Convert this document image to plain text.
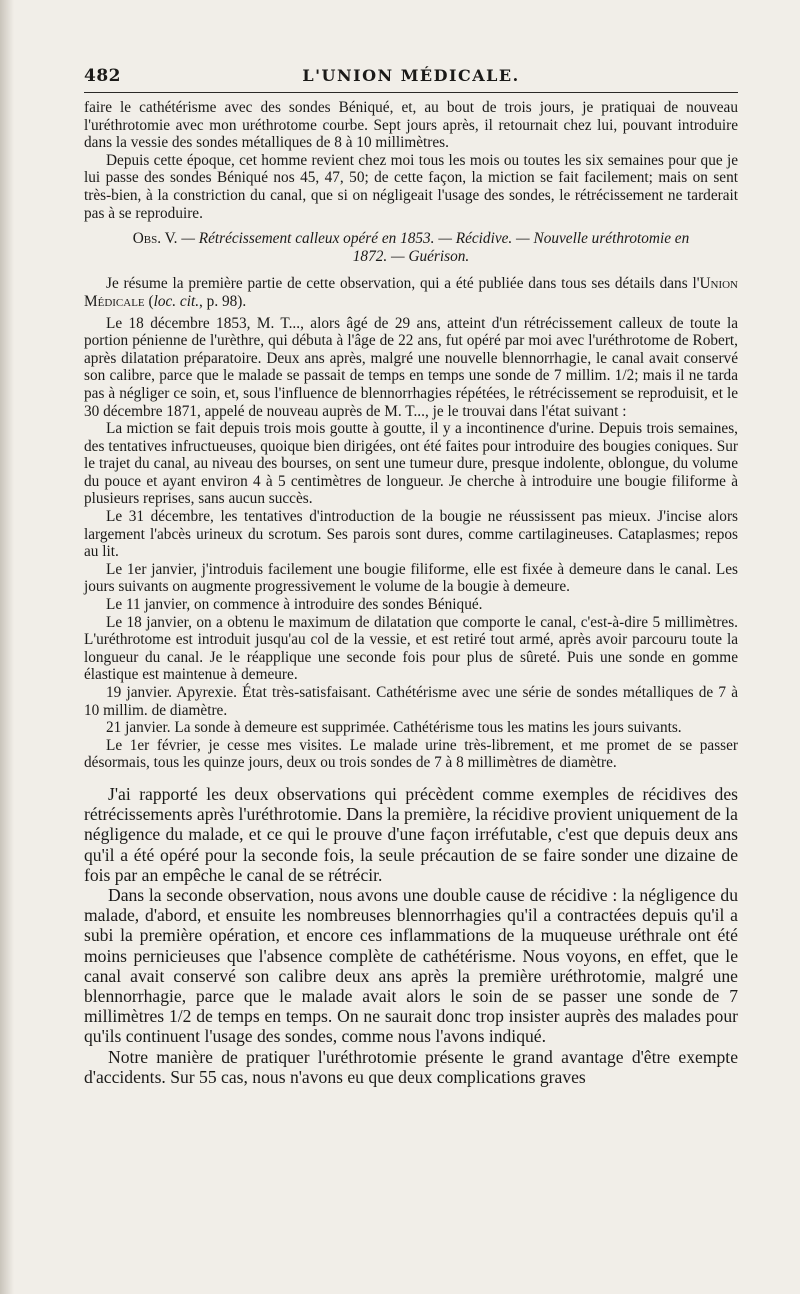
482	L'UNION MÉDICALE.

faire le cathétérisme avec des sondes Béniqué, et, au bout de trois jours, je pratiquai de nouveau l'uréthrotomie avec mon uréthrotome courbe. Sept jours après, il retournait chez lui, pouvant introduire dans la vessie des sondes métalliques de 8 à 10 millimètres.

Depuis cette époque, cet homme revient chez moi tous les mois ou toutes les six semaines pour que je lui passe des sondes Béniqué nos 45, 47, 50; de cette façon, la miction se fait facilement; mais on sent très-bien, à la constriction du canal, que si on négligeait l'usage des sondes, le rétrécissement ne tarderait pas à se reproduire.

Obs. V. — Rétrécissement calleux opéré en 1853. — Récidive. — Nouvelle uréthrotomie en
1872. — Guérison.

Je résume la première partie de cette observation, qui a été publiée dans tous ses détails dans l'Union Médicale (loc. cit., p. 98).

Le 18 décembre 1853, M. T..., alors âgé de 29 ans, atteint d'un rétrécissement calleux de toute la portion pénienne de l'urèthre, qui débuta à l'âge de 22 ans, fut opéré par moi avec l'uréthrotome de Robert, après dilatation préparatoire. Deux ans après, malgré une nouvelle blennorrhagie, le canal avait conservé son calibre, parce que le malade se passait de temps en temps une sonde de 7 millim. 1/2; mais il ne tarda pas à négliger ce soin, et, sous l'influence de blennorrhagies répétées, le rétrécissement se reproduisit, et le 30 décembre 1871, appelé de nouveau auprès de M. T..., je le trouvai dans l'état suivant :

La miction se fait depuis trois mois goutte à goutte, il y a incontinence d'urine. Depuis trois semaines, des tentatives infructueuses, quoique bien dirigées, ont été faites pour introduire des bougies coniques. Sur le trajet du canal, au niveau des bourses, on sent une tumeur dure, presque indolente, oblongue, du volume du pouce et ayant environ 4 à 5 centimètres de longueur. Je cherche à introduire une bougie filiforme à plusieurs reprises, sans aucun succès.

Le 31 décembre, les tentatives d'introduction de la bougie ne réussissent pas mieux. J'incise alors largement l'abcès urineux du scrotum. Ses parois sont dures, comme cartilagineuses. Cataplasmes; repos au lit.

Le 1er janvier, j'introduis facilement une bougie filiforme, elle est fixée à demeure dans le canal. Les jours suivants on augmente progressivement le volume de la bougie à demeure.

Le 11 janvier, on commence à introduire des sondes Béniqué.

Le 18 janvier, on a obtenu le maximum de dilatation que comporte le canal, c'est-à-dire 5 millimètres. L'uréthrotome est introduit jusqu'au col de la vessie, et est retiré tout armé, après avoir parcouru toute la longueur du canal. Je le réapplique une seconde fois pour plus de sûreté. Puis une sonde en gomme élastique est maintenue à demeure.

19 janvier. Apyrexie. État très-satisfaisant. Cathétérisme avec une série de sondes métalliques de 7 à 10 millim. de diamètre.

21 janvier. La sonde à demeure est supprimée. Cathétérisme tous les matins les jours suivants.

Le 1er février, je cesse mes visites. Le malade urine très-librement, et me promet de se passer désormais, tous les quinze jours, deux ou trois sondes de 7 à 8 millimètres de diamètre.

J'ai rapporté les deux observations qui précèdent comme exemples de récidives des rétrécissements après l'uréthrotomie. Dans la première, la récidive provient uniquement de la négligence du malade, et ce qui le prouve d'une façon irréfutable, c'est que depuis deux ans qu'il a été opéré pour la seconde fois, la seule précaution de se faire sonder une dizaine de fois par an empêche le canal de se rétrécir.

Dans la seconde observation, nous avons une double cause de récidive : la négligence du malade, d'abord, et ensuite les nombreuses blennorrhagies qu'il a contractées depuis qu'il a subi la première opération, et encore ces inflammations de la muqueuse uréthrale ont été moins pernicieuses que l'absence complète de cathétérisme. Nous voyons, en effet, que le canal avait conservé son calibre deux ans après la première uréthrotomie, malgré une blennorrhagie, parce que le malade avait alors le soin de se passer une sonde de 7 millimètres 1/2 de temps en temps. On ne saurait donc trop insister auprès des malades pour qu'ils continuent l'usage des sondes, comme nous l'avons indiqué.

Notre manière de pratiquer l'uréthrotomie présente le grand avantage d'être exempte d'accidents. Sur 55 cas, nous n'avons eu que deux complications graves
